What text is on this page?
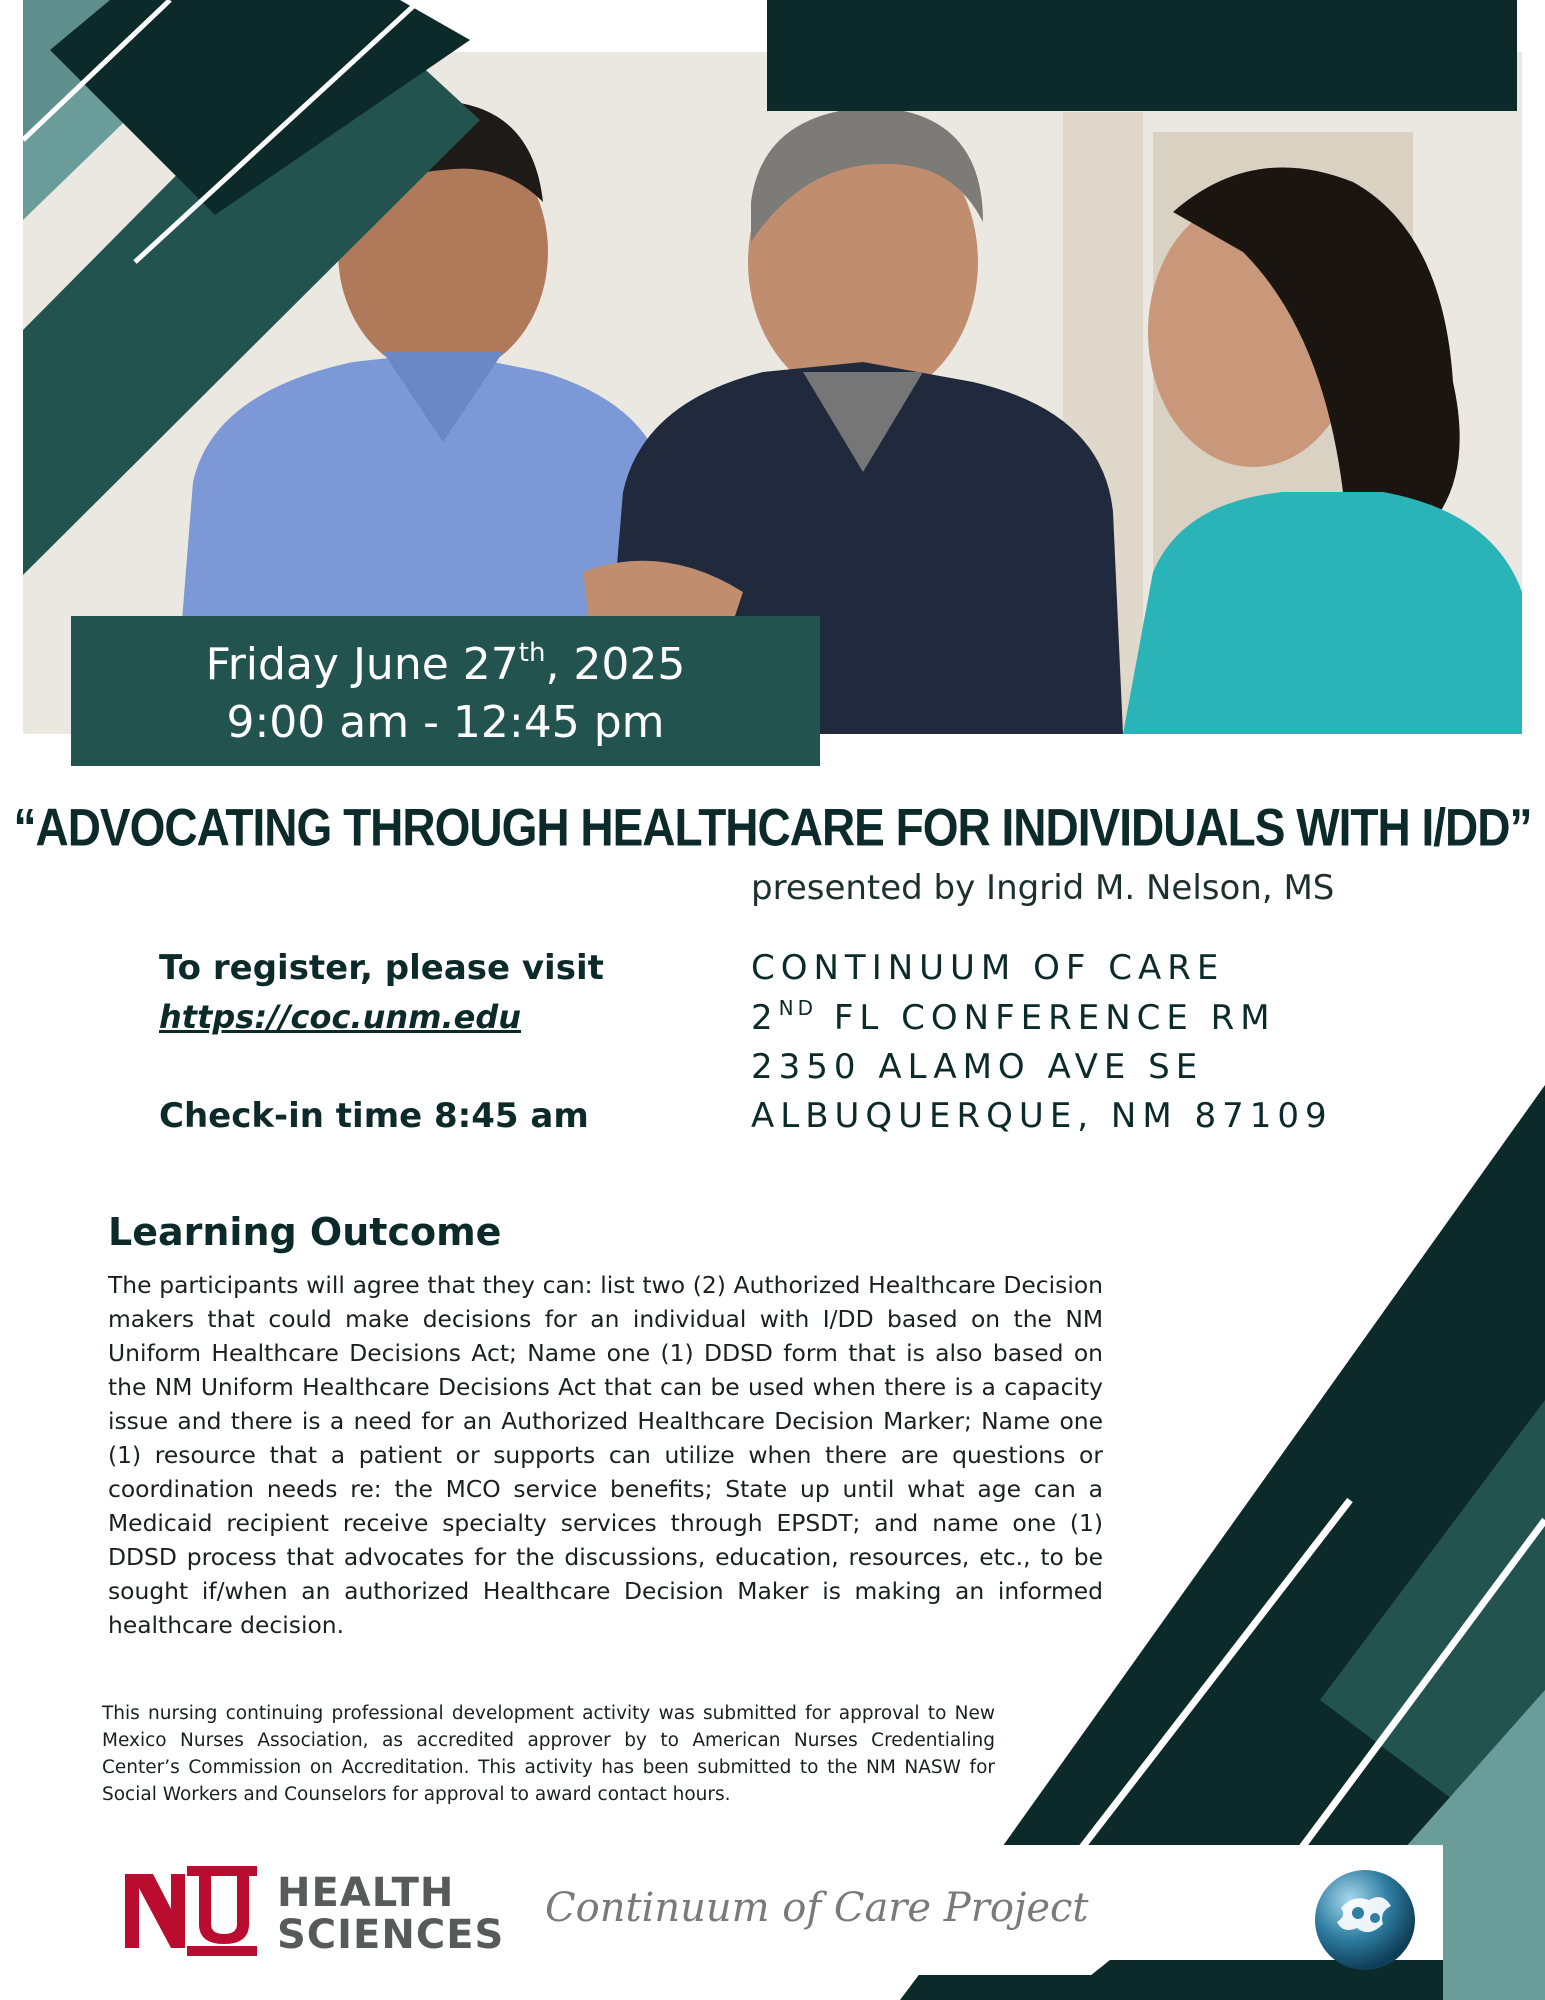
Friday June 27th, 2025
9:00 am - 12:45 pm
“ADVOCATING THROUGH HEALTHCARE FOR INDIVIDUALS WITH I/DD”
presented by Ingrid M. Nelson, MS
To register, please visit
https://coc.unm.edu
Check-in time 8:45 am
CONTINUUM OF CARE
2ND FL CONFERENCE RM
2350 ALAMO AVE SE
ALBUQUERQUE, NM 87109
Learning Outcome
The participants will agree that they can: list two (2) Authorized Healthcare Decision makers that could make decisions for an individual with I/DD based on the NM Uniform Healthcare Decisions Act; Name one (1) DDSD form that is also based on the NM Uniform Healthcare Decisions Act that can be used when there is a capacity issue and there is a need for an Authorized Healthcare Decision Marker; Name one (1) resource that a patient or supports can utilize when there are questions or coordination needs re: the MCO service benefits; State up until what age can a Medicaid recipient receive specialty services through EPSDT; and name one (1) DDSD process that advocates for the discussions, education, resources, etc., to be sought if/when an authorized Healthcare Decision Maker is making an informed healthcare decision.
This nursing continuing professional development activity was submitted for approval to New Mexico Nurses Association, as accredited approver by to American Nurses Credentialing Center’s Commission on Accreditation. This activity has been submitted to the NM NASW for Social Workers and Counselors for approval to award contact hours.
HEALTH
SCIENCES
Continuum of Care Project
